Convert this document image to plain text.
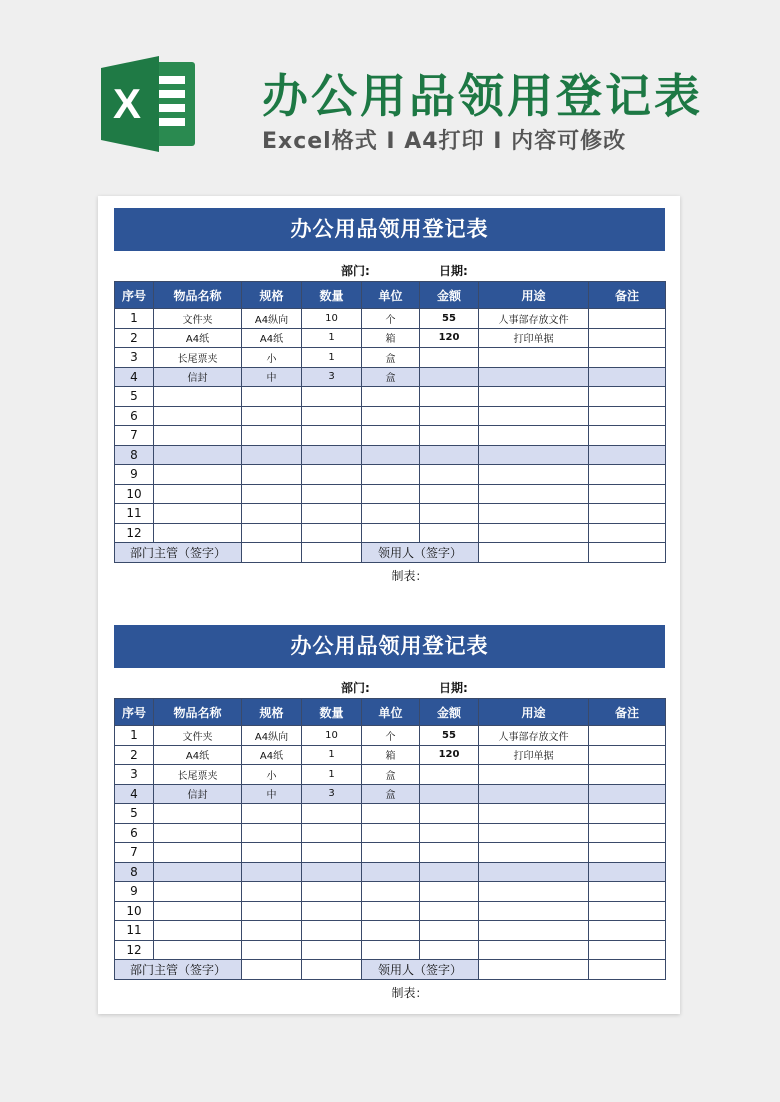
X	办公用品领用登记表
Excel格式 I A4打印 I 内容可修改
办公用品领用登记表
部门:	日期:
序号	物品名称	规格	数量	单位	金额	用途	备注
1	文件夹	A4纵向	10	个	55	人事部存放文件	
2	A4纸	A4纸	1	箱	120	打印单据	
3	长尾票夹	小	1	盒			
4	信封	中	3	盒			
5							
6							
7							
8							
9							
10							
11							
12							
部门主管（签字）				领用人（签字）			
制表：
办公用品领用登记表
部门:	日期:
序号	物品名称	规格	数量	单位	金额	用途	备注
1	文件夹	A4纵向	10	个	55	人事部存放文件	
2	A4纸	A4纸	1	箱	120	打印单据	
3	长尾票夹	小	1	盒			
4	信封	中	3	盒			
5							
6							
7							
8							
9							
10							
11							
12							
部门主管（签字）				领用人（签字）			
制表：
